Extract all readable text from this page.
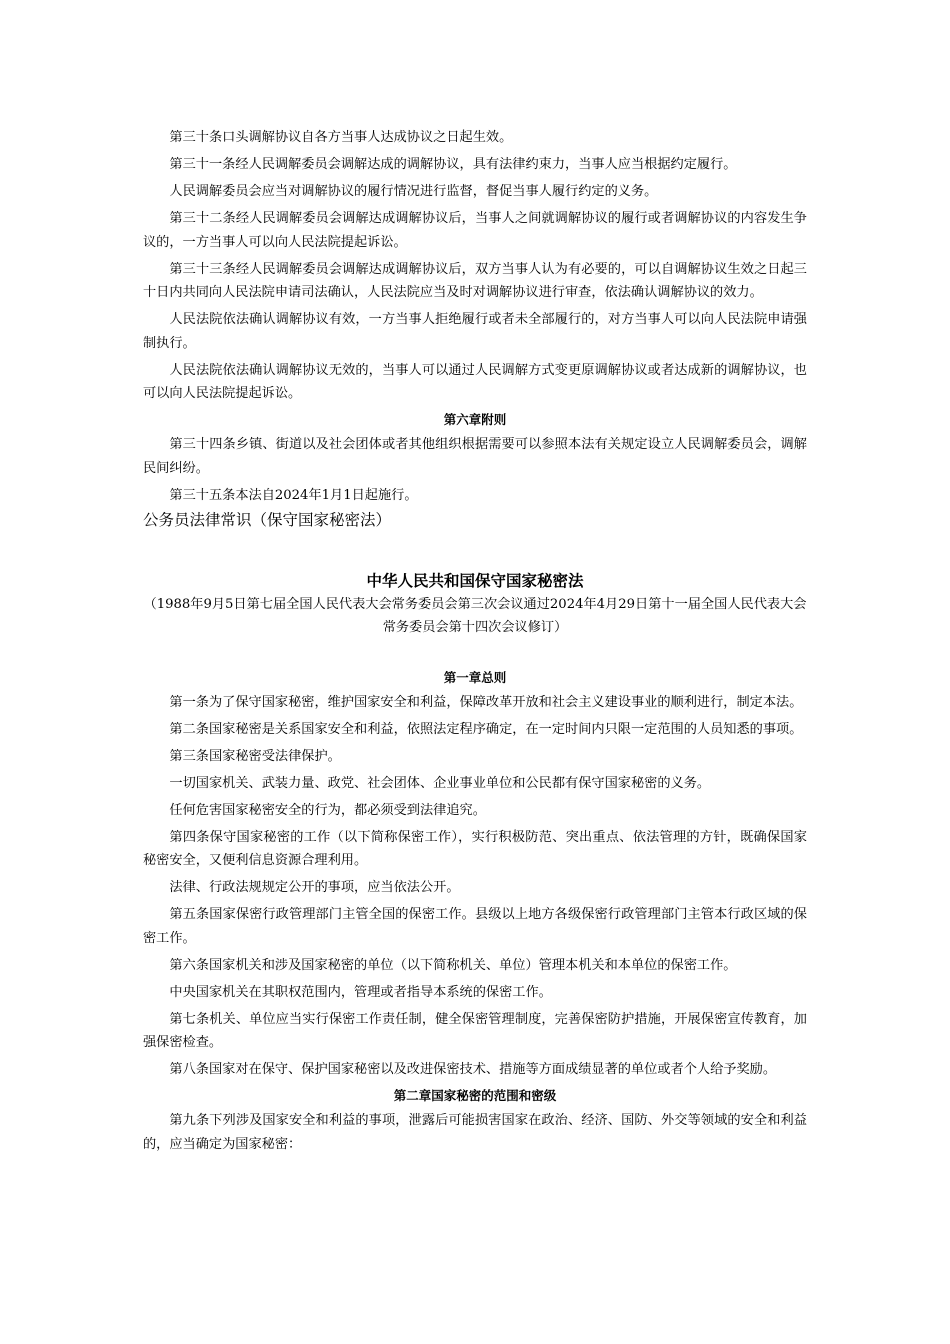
第三十条口头调解协议自各方当事人达成协议之日起生效。

第三十一条经人民调解委员会调解达成的调解协议，具有法律约束力，当事人应当根据约定履行。

人民调解委员会应当对调解协议的履行情况进行监督，督促当事人履行约定的义务。

第三十二条经人民调解委员会调解达成调解协议后，当事人之间就调解协议的履行或者调解协议的内容发生争议的，一方当事人可以向人民法院提起诉讼。

第三十三条经人民调解委员会调解达成调解协议后，双方当事人认为有必要的，可以自调解协议生效之日起三十日内共同向人民法院申请司法确认，人民法院应当及时对调解协议进行审查，依法确认调解协议的效力。

人民法院依法确认调解协议有效，一方当事人拒绝履行或者未全部履行的，对方当事人可以向人民法院申请强制执行。

人民法院依法确认调解协议无效的，当事人可以通过人民调解方式变更原调解协议或者达成新的调解协议，也可以向人民法院提起诉讼。

第六章附则

第三十四条乡镇、街道以及社会团体或者其他组织根据需要可以参照本法有关规定设立人民调解委员会，调解民间纠纷。

第三十五条本法自2024年1月1日起施行。

公务员法律常识（保守国家秘密法）
中华人民共和国保守国家秘密法
（1988年9月5日第七届全国人民代表大会常务委员会第三次会议通过2024年4月29日第十一届全国人民代表大会常务委员会第十四次会议修订）
第一章总则

第一条为了保守国家秘密，维护国家安全和利益，保障改革开放和社会主义建设事业的顺利进行，制定本法。

第二条国家秘密是关系国家安全和利益，依照法定程序确定，在一定时间内只限一定范围的人员知悉的事项。

第三条国家秘密受法律保护。

一切国家机关、武装力量、政党、社会团体、企业事业单位和公民都有保守国家秘密的义务。

任何危害国家秘密安全的行为，都必须受到法律追究。

第四条保守国家秘密的工作（以下简称保密工作），实行积极防范、突出重点、依法管理的方针，既确保国家秘密安全，又便利信息资源合理利用。

法律、行政法规规定公开的事项，应当依法公开。

第五条国家保密行政管理部门主管全国的保密工作。县级以上地方各级保密行政管理部门主管本行政区域的保密工作。

第六条国家机关和涉及国家秘密的单位（以下简称机关、单位）管理本机关和本单位的保密工作。

中央国家机关在其职权范围内，管理或者指导本系统的保密工作。

第七条机关、单位应当实行保密工作责任制，健全保密管理制度，完善保密防护措施，开展保密宣传教育，加强保密检查。

第八条国家对在保守、保护国家秘密以及改进保密技术、措施等方面成绩显著的单位或者个人给予奖励。

第二章国家秘密的范围和密级

第九条下列涉及国家安全和利益的事项，泄露后可能损害国家在政治、经济、国防、外交等领域的安全和利益的，应当确定为国家秘密：
